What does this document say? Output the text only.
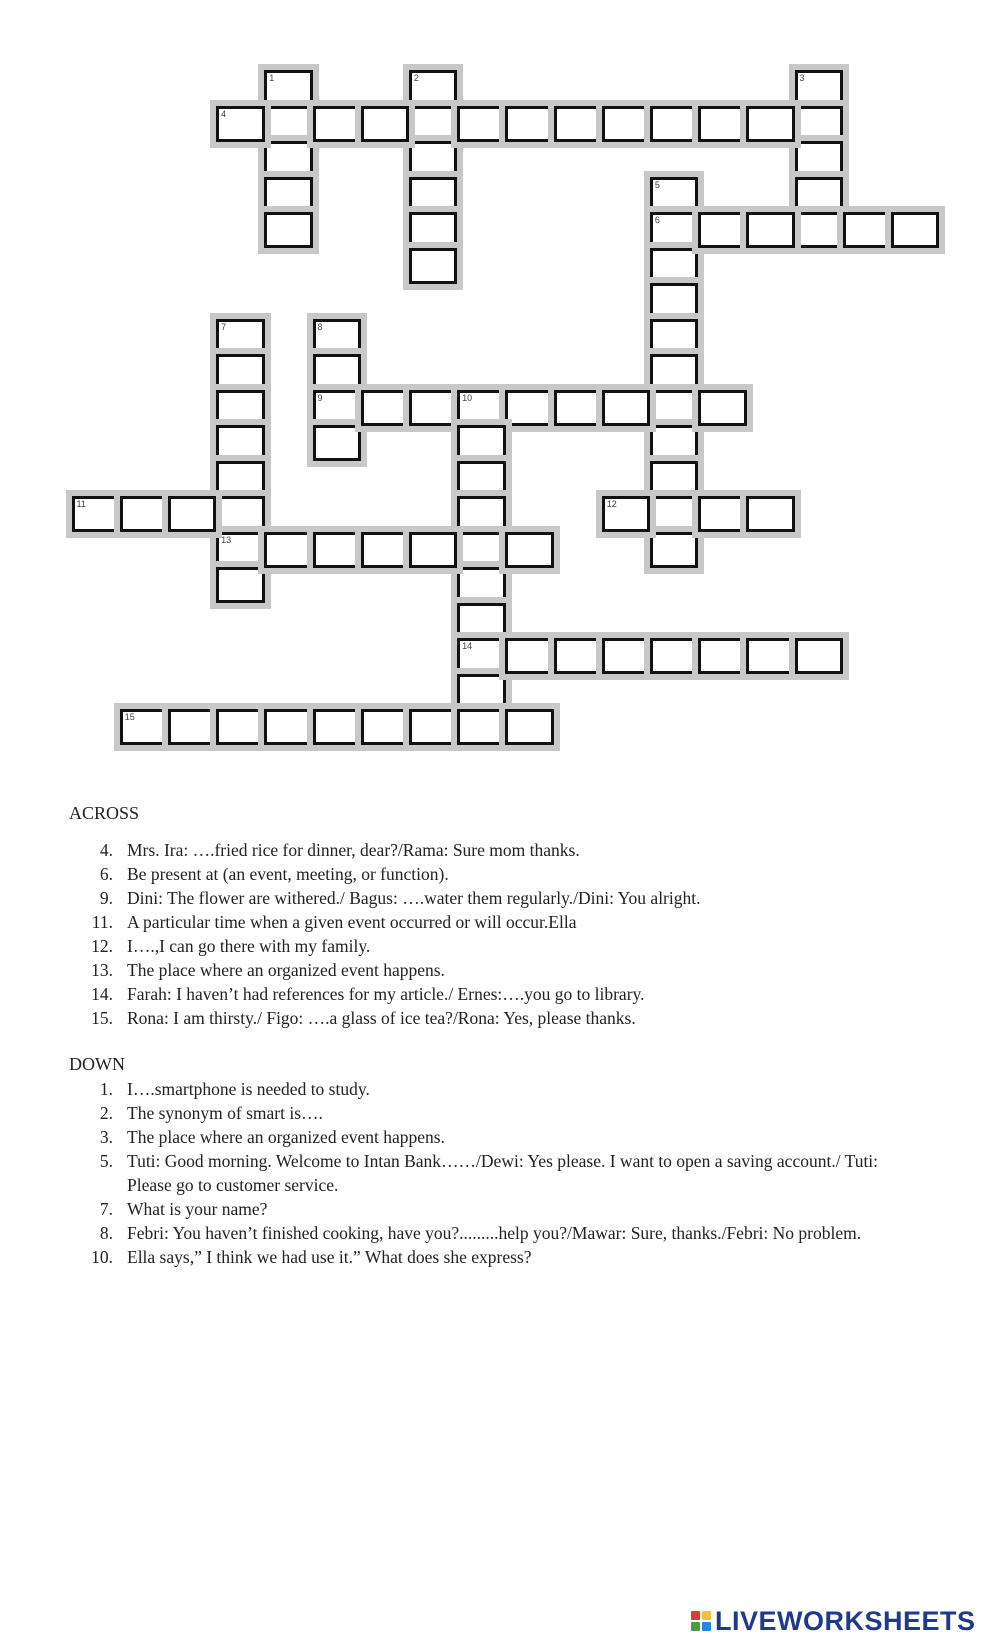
1	2	3
4
5
6
7
13
8
9	10
14
11	12
15
ACROSS
4. Mrs. Ira: ….fried rice for dinner, dear?/Rama: Sure mom thanks.
6. Be present at (an event, meeting, or function).
9. Dini: The flower are withered./ Bagus: ….water them regularly./Dini: You alright.
11. A particular time when a given event occurred or will occur.Ella
12. I….,I can go there with my family.
13. The place where an organized event happens.
14. Farah: I haven’t had references for my article./ Ernes:….you go to library.
15. Rona: I am thirsty./ Figo: ….a glass of ice tea?/Rona: Yes, please thanks.
DOWN
1. I….smartphone is needed to study.
2. The synonym of smart is….
3. The place where an organized event happens.
5. Tuti: Good morning. Welcome to Intan Bank……/Dewi: Yes please. I want to open a saving account./ Tuti: Please go to customer service.
7. What is your name?
8. Febri: You haven’t finished cooking, have you?.........help you?/Mawar: Sure, thanks./Febri: No problem.
10. Ella says,” I think we had use it.” What does she express?
LIVEWORKSHEETS
